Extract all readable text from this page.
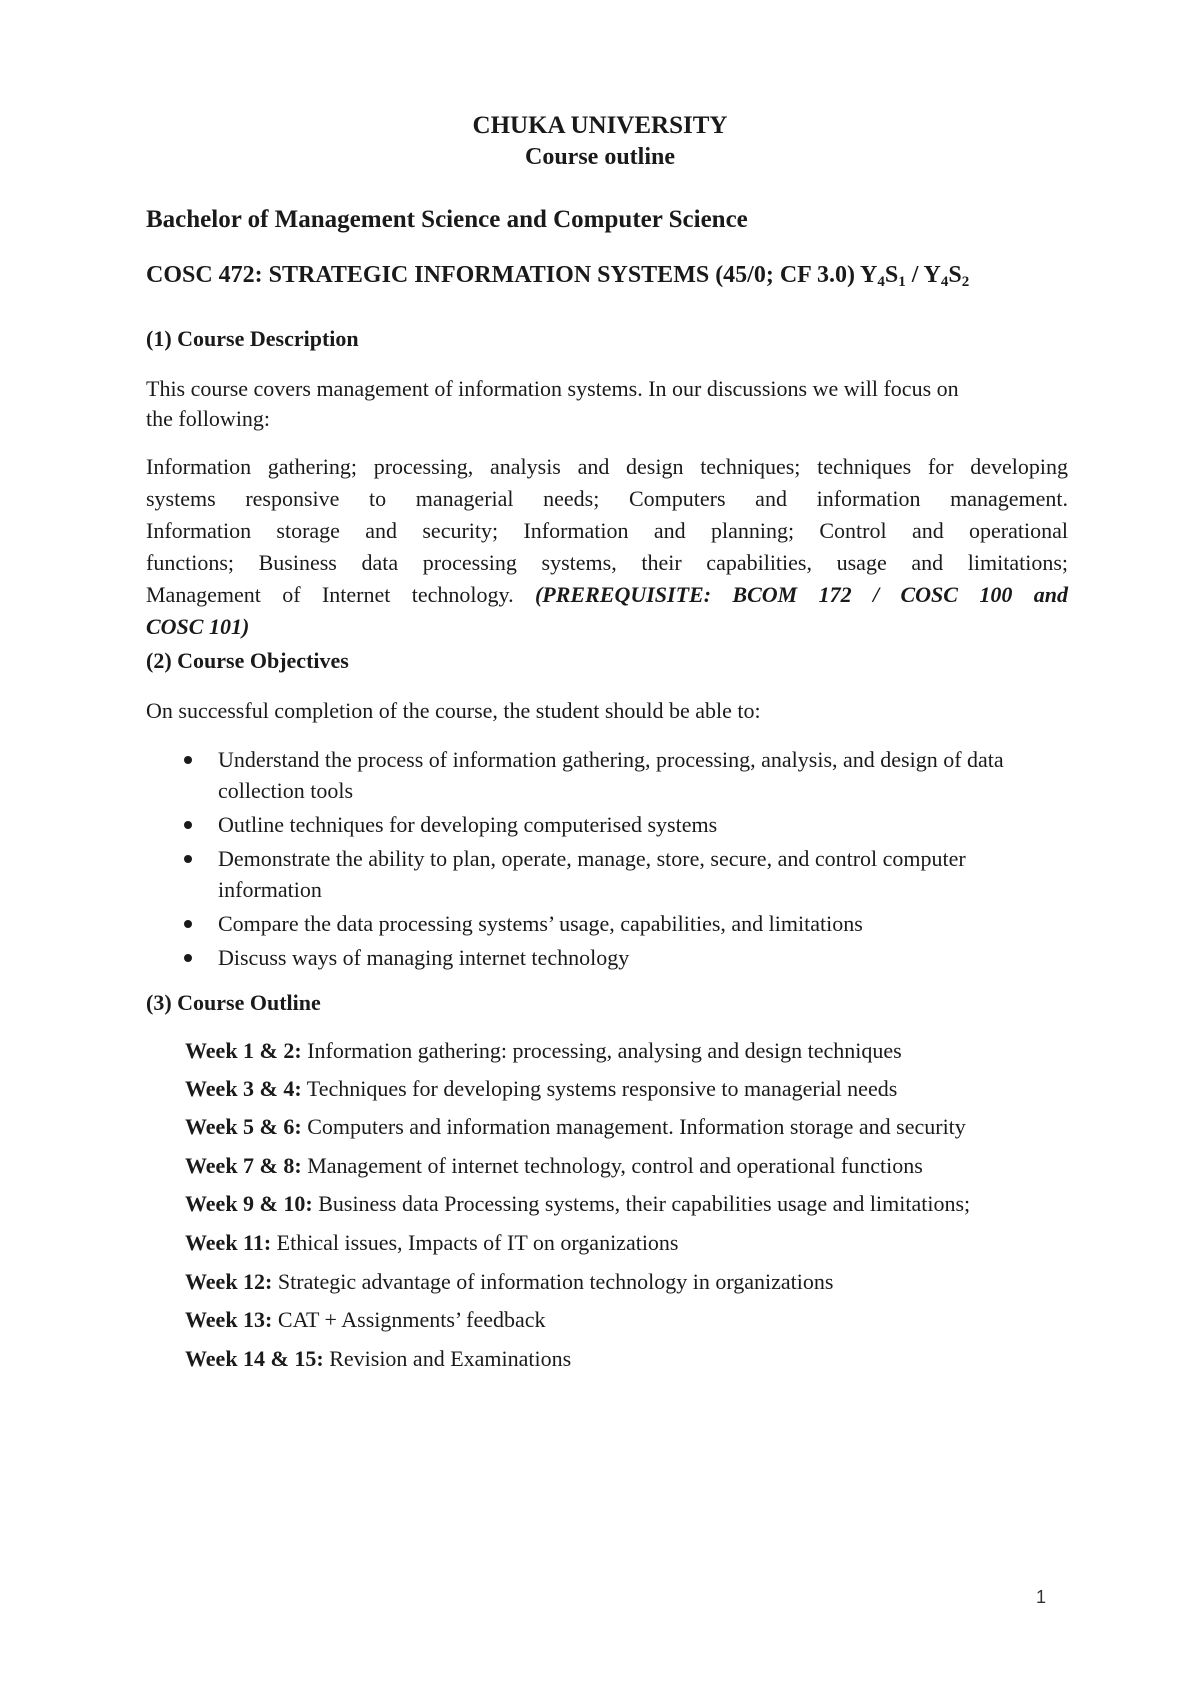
CHUKA UNIVERSITY
Course outline
Bachelor of Management Science and Computer Science
COSC 472: STRATEGIC INFORMATION SYSTEMS (45/0; CF 3.0) $Y_4S_1 / Y_4S_2$
(1) Course Description
This course covers management of information systems. In our discussions we will focus on
the following:
Information gathering; processing, analysis and design techniques; techniques for developing
systems responsive to managerial needs; Computers and information management.
Information storage and security; Information and planning; Control and operational
functions; Business data processing systems, their capabilities, usage and limitations;
Management of Internet technology. (PREREQUISITE: BCOM 172 / COSC 100 and
COSC 101)
(2) Course Objectives
On successful completion of the course, the student should be able to:
Understand the process of information gathering, processing, analysis, and design of data collection tools
Outline techniques for developing computerised systems
Demonstrate the ability to plan, operate, manage, store, secure, and control computer information
Compare the data processing systems’ usage, capabilities, and limitations
Discuss ways of managing internet technology
(3) Course Outline
Week 1 & 2: Information gathering: processing, analysing and design techniques
Week 3 & 4: Techniques for developing systems responsive to managerial needs
Week 5 & 6: Computers and information management. Information storage and security
Week 7 & 8: Management of internet technology, control and operational functions
Week 9 & 10: Business data Processing systems, their capabilities usage and limitations;
Week 11: Ethical issues, Impacts of IT on organizations
Week 12: Strategic advantage of information technology in organizations
Week 13: CAT + Assignments’ feedback
Week 14 & 15: Revision and Examinations
1
